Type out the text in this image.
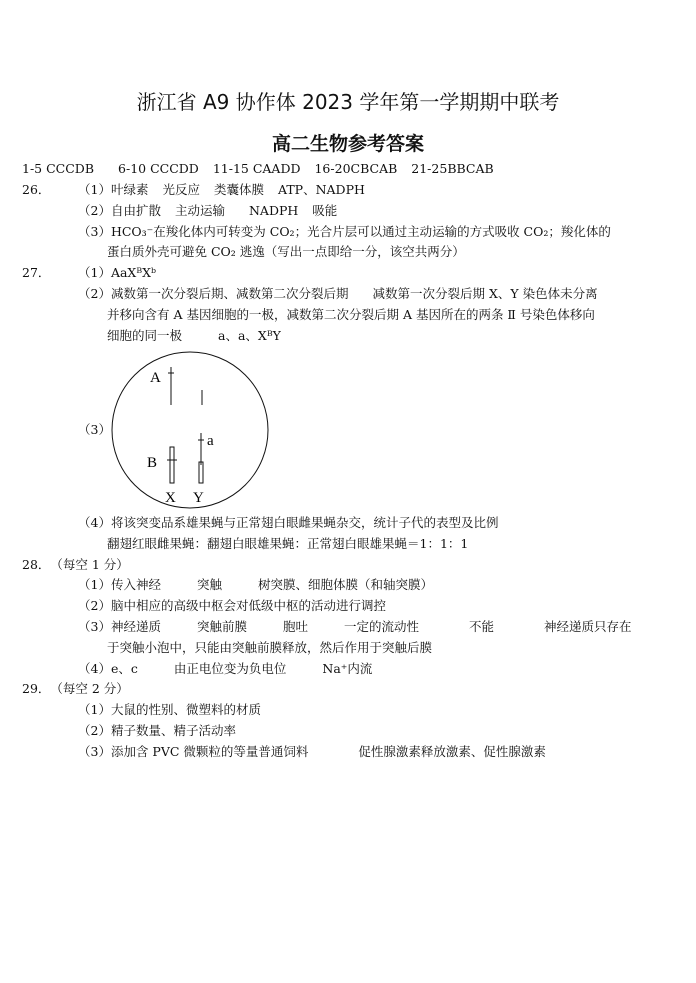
浙江省 A9 协作体 2023 学年第一学期期中联考
高二生物参考答案
1-5 CCCDB 6-10 CCCDD 11-15 CAADD 16-20CBCAB 21-25BBCAB
26． （1）叶绿素 光反应 类囊体膜 ATP、NADPH
（2）自由扩散 主动运输 NADPH 吸能
（3）HCO₃⁻在羧化体内可转变为 CO₂；光合片层可以通过主动运输的方式吸收 CO₂；羧化体的
蛋白质外壳可避免 CO₂ 逃逸（写出一点即给一分，该空共两分）
27． （1）AaXᴮXᵇ
（2）减数第一次分裂后期、减数第二次分裂后期 减数第一次分裂后期 X、Y 染色体未分离
并移向含有 A 基因细胞的一极，减数第二次分裂后期 A 基因所在的两条 Ⅱ 号染色体移向
细胞的同一极	a、a、XᴮY
（3）
A
a
B
X Y
（4）将该突变品系雄果蝇与正常翅白眼雌果蝇杂交，统计子代的表型及比例
翻翅红眼雌果蝇：翻翅白眼雄果蝇：正常翅白眼雄果蝇＝1：1：1
28．（每空 1 分）
（1）传入神经	突触	树突膜、细胞体膜（和轴突膜）
（2）脑中相应的高级中枢会对低级中枢的活动进行调控
（3）神经递质	突触前膜	胞吐	一定的流动性	不能	神经递质只存在
于突触小泡中，只能由突触前膜释放，然后作用于突触后膜
（4）e、c	由正电位变为负电位	Na⁺内流
29．（每空 2 分）
（1）大鼠的性别、微塑料的材质
（2）精子数量、精子活动率
（3）添加含 PVC 微颗粒的等量普通饲料	促性腺激素释放激素、促性腺激素
